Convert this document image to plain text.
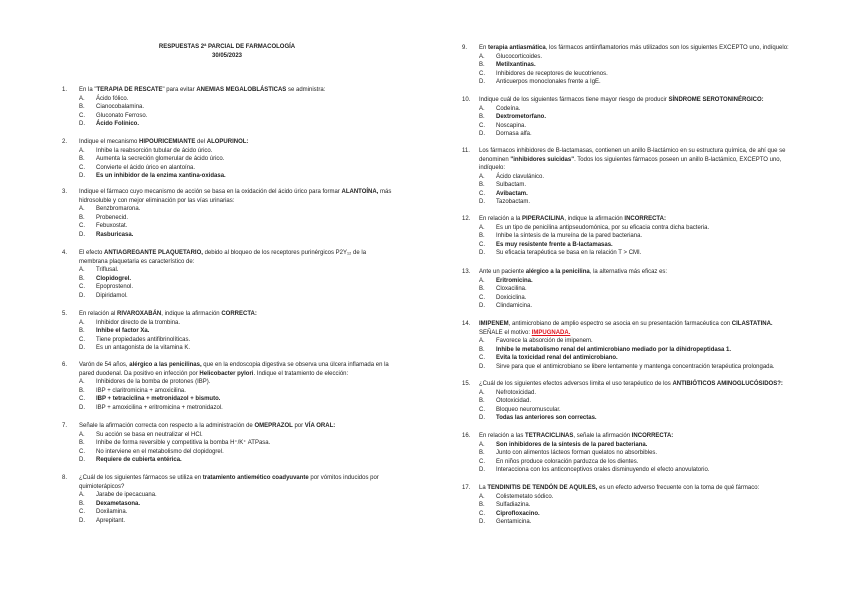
RESPUESTAS 2ª PARCIAL DE FARMACOLOGÍA
30/05/2023
1.	En la "TERAPIA DE RESCATE" para evitar ANEMIAS MEGALOBLÁSTICAS se administra:
A.	Ácido fólico.
B.	Cianocobalamina.
C.	Gluconato Ferroso.
D.	Ácido Folínico.
2.	Indique el mecanismo HIPOURICEMIANTE del ALOPURINOL:
A.	Inhibe la reabsorción tubular de ácido úrico.
B.	Aumenta la secreción glomerular de ácido úrico.
C.	Convierte el ácido úrico en alantoína.
D.	Es un inhibidor de la enzima xantina-oxidasa.
3.	Indique el fármaco cuyo mecanismo de acción se basa en la oxidación del ácido úrico para formar ALANTOÍNA, más hidrosoluble y con mejor eliminación por las vías urinarias:
A.	Benzbromarona.
B.	Probenecid.
C.	Febuxostat.
D.	Rasburicasa.
4.	El efecto ANTIAGREGANTE PLAQUETARIO, debido al bloqueo de los receptores purinérgicos P2Y₁₂ de la membrana plaquetaria es característico de:
A.	Triflusal.
B.	Clopidogrel.
C.	Epoprostenol.
D.	Dipiridamol.
5.	En relación al RIVAROXABÁN, indique la afirmación CORRECTA:
A.	Inhibidor directo de la trombina.
B.	Inhibe el factor Xa.
C.	Tiene propiedades antifibrinolíticas.
D.	Es un antagonista de la vitamina K.
6.	Varón de 54 años, alérgico a las penicilinas, que en la endoscopia digestiva se observa una úlcera inflamada en la pared duodenal. Da positivo en infección por Helicobacter pylori. Indique el tratamiento de elección:
A.	Inhibidores de la bomba de protones (IBP).
B.	IBP + claritromicina + amoxicilina.
C.	IBP + tetraciclina + metronidazol + bismuto.
D.	IBP + amoxicilina + eritromicina + metronidazol.
7.	Señale la afirmación correcta con respecto a la administración de OMEPRAZOL por VÍA ORAL:
A.	Su acción se basa en neutralizar el HCl.
B.	Inhibe de forma reversible y competitiva la bomba H⁺/K⁺ ATPasa.
C.	No interviene en el metabolismo del clopidogrel.
D.	Requiere de cubierta entérica.
8.	¿Cuál de los siguientes fármacos se utiliza en tratamiento antiemético coadyuvante por vómitos inducidos por quimioterápicos?
A.	Jarabe de ipecacuana.
B.	Dexametasona.
C.	Doxilamina.
D.	Aprepitant.
9.	En terapia antiasmática, los fármacos antiinflamatorios más utilizados son los siguientes EXCEPTO uno, indíquelo:
A.	Glucocorticoides.
B.	Metilxantinas.
C.	Inhibidores de receptores de leucotrienos.
D.	Anticuerpos monoclonales frente a IgE.
10.	Indique cuál de los siguientes fármacos tiene mayor riesgo de producir SÍNDROME SEROTONINÉRGICO:
A.	Codeína.
B.	Dextrometorfano.
C.	Noscapina.
D.	Dornasa alfa.
11.	Los fármacos inhibidores de B-lactamasas, contienen un anillo B-lactámico en su estructura química, de ahí que se denominen "inhibidores suicidas". Todos los siguientes fármacos poseen un anillo B-lactámico, EXCEPTO uno, indíquelo:
A.	Ácido clavulánico.
B.	Sulbactam.
C.	Avibactam.
D.	Tazobactam.
12.	En relación a la PIPERACILINA, indique la afirmación INCORRECTA:
A.	Es un tipo de penicilina antipseudomónica, por su eficacia contra dicha bacteria.
B.	Inhibe la síntesis de la mureína de la pared bacteriana.
C.	Es muy resistente frente a B-lactamasas.
D.	Su eficacia terapéutica se basa en la relación T > CMI.
13.	Ante un paciente alérgico a la penicilina, la alternativa más eficaz es:
A.	Eritromicina.
B.	Cloxacilina.
C.	Doxiciclina.
D.	Clindamicina.
14.	IMIPENEM, antimicrobiano de amplio espectro se asocia en su presentación farmacéutica con CILASTATINA. SEÑALE el motivo: IMPUGNADA.
A.	Favorece la absorción de imipenem.
B.	Inhibe le metabolismo renal del antimicrobiano mediado por la dihidropeptidasa 1.
C.	Evita la toxicidad renal del antimicrobiano.
D.	Sirve para que el antimicrobiano se libere lentamente y mantenga concentración terapéutica prolongada.
15.	¿Cuál de los siguientes efectos adversos limita el uso terapéutico de los ANTIBIÓTICOS AMINOGLUCÓSIDOS?:
A.	Nefrotoxicidad.
B.	Ototoxicidad.
C.	Bloqueo neuromuscular.
D.	Todas las anteriores son correctas.
16.	En relación a las TETRACICLINAS, señale la afirmación INCORRECTA:
A.	Son inhibidores de la síntesis de la pared bacteriana.
B.	Junto con alimentos lácteos forman quelatos no absorbibles.
C.	En niños produce coloración parduzca de los dientes.
D.	Interacciona con los anticonceptivos orales disminuyendo el efecto anovulatorio.
17.	La TENDINITIS DE TENDÓN DE AQUILES, es un efecto adverso frecuente con la toma de qué fármaco:
A.	Colistemetato sódico.
B.	Sulfadiazina.
C.	Ciprofloxacino.
D.	Gentamicina.
